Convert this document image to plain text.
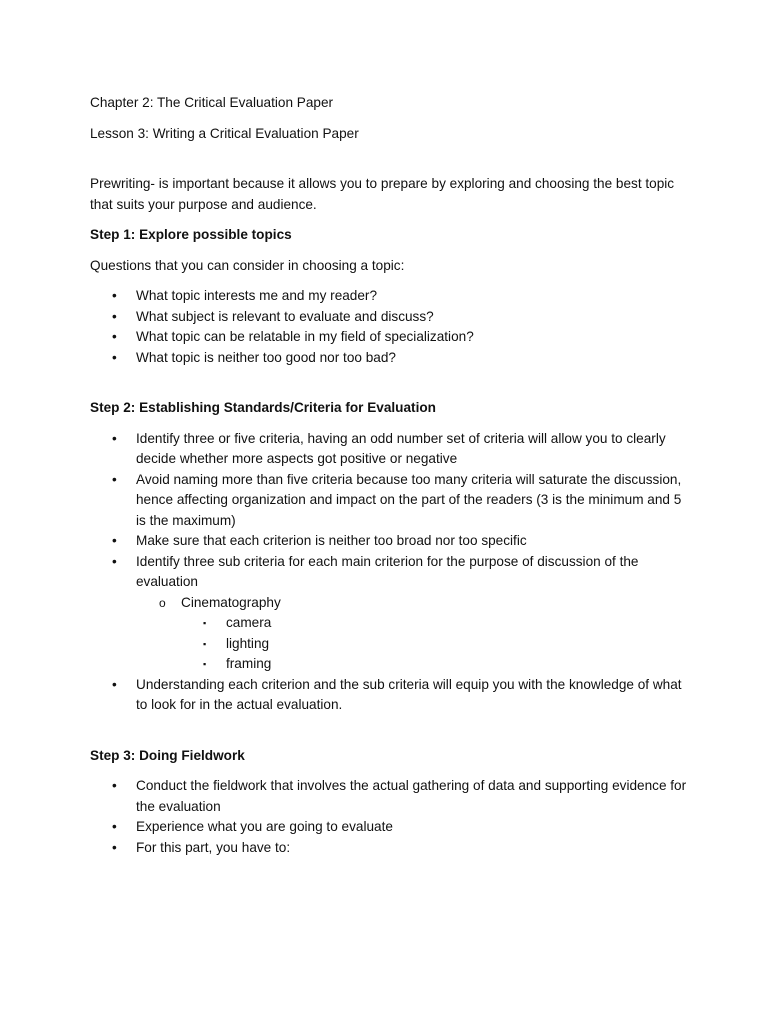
Chapter 2: The Critical Evaluation Paper

Lesson 3: Writing a Critical Evaluation Paper

Prewriting- is important because it allows you to prepare by exploring and choosing the best topic that suits your purpose and audience.

Step 1: Explore possible topics

Questions that you can consider in choosing a topic:

• What topic interests me and my reader?
• What subject is relevant to evaluate and discuss?
• What topic can be relatable in my field of specialization?
• What topic is neither too good nor too bad?

Step 2: Establishing Standards/Criteria for Evaluation

• Identify three or five criteria, having an odd number set of criteria will allow you to clearly decide whether more aspects got positive or negative
• Avoid naming more than five criteria because too many criteria will saturate the discussion, hence affecting organization and impact on the part of the readers (3 is the minimum and 5 is the maximum)
• Make sure that each criterion is neither too broad nor too specific
• Identify three sub criteria for each main criterion for the purpose of discussion of the evaluation
o Cinematography
▪ camera
▪ lighting
▪ framing
• Understanding each criterion and the sub criteria will equip you with the knowledge of what to look for in the actual evaluation.

Step 3: Doing Fieldwork

• Conduct the fieldwork that involves the actual gathering of data and supporting evidence for the evaluation
• Experience what you are going to evaluate
• For this part, you have to:
